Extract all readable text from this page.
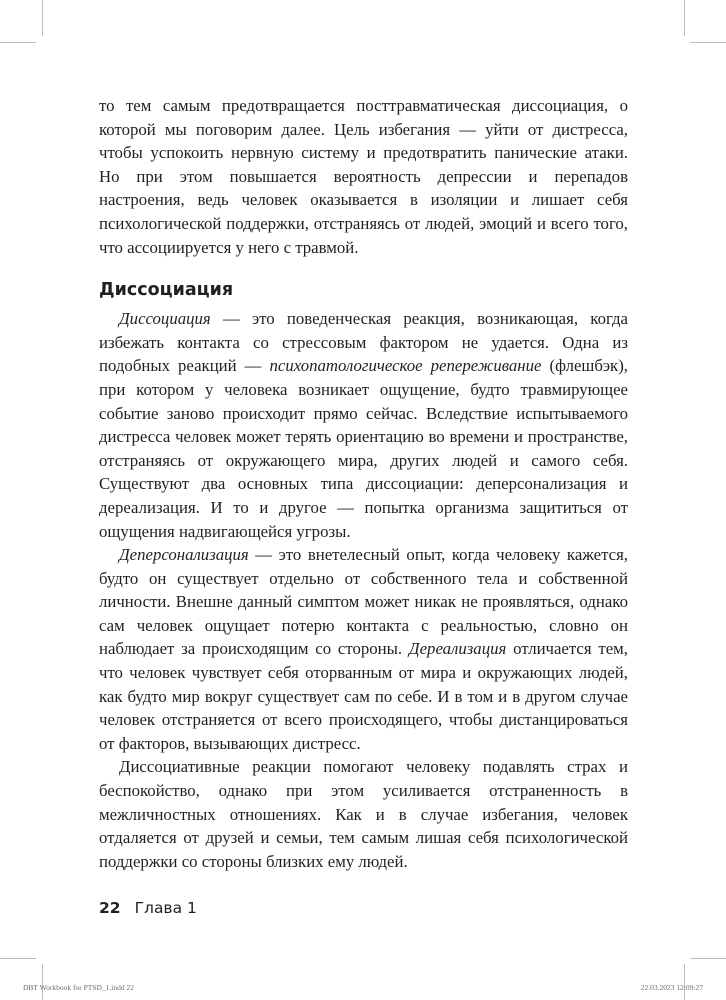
то тем самым предотвращается посттравматическая диссоциация, о которой мы поговорим далее. Цель избегания — уйти от дистресса, чтобы успокоить нервную систему и предотвратить панические атаки. Но при этом повышается вероятность депрессии и перепадов настроения, ведь человек оказывается в изоляции и лишает себя психологической поддержки, отстраняясь от людей, эмоций и всего того, что ассоциируется у него с травмой.

Диссоциация

Диссоциация — это поведенческая реакция, возникающая, когда избежать контакта со стрессовым фактором не удается. Одна из подобных реакций — психопатологическое репереживание (флешбэк), при котором у человека возникает ощущение, будто травмирующее событие заново происходит прямо сейчас. Вследствие испытываемого дистресса человек может терять ориентацию во времени и пространстве, отстраняясь от окружающего мира, других людей и самого себя. Существуют два основных типа диссоциации: деперсонализация и дереализация. И то и другое — попытка организма защититься от ощущения надвигающейся угрозы.

Деперсонализация — это внетелесный опыт, когда человеку кажется, будто он существует отдельно от собственного тела и собственной личности. Внешне данный симптом может никак не проявляться, однако сам человек ощущает потерю контакта с реальностью, словно он наблюдает за происходящим со стороны. Дереализация отличается тем, что человек чувствует себя оторванным от мира и окружающих людей, как будто мир вокруг существует сам по себе. И в том и в другом случае человек отстраняется от всего происходящего, чтобы дистанцироваться от факторов, вызывающих дистресс.

Диссоциативные реакции помогают человеку подавлять страх и беспокойство, однако при этом усиливается отстраненность в межличностных отношениях. Как и в случае избегания, человек отдаляется от друзей и семьи, тем самым лишая себя психологической поддержки со стороны близких ему людей.

22 Глава 1
DBT Workbook for PTSD_1.indd 22	22.03.2023 12:09:27
